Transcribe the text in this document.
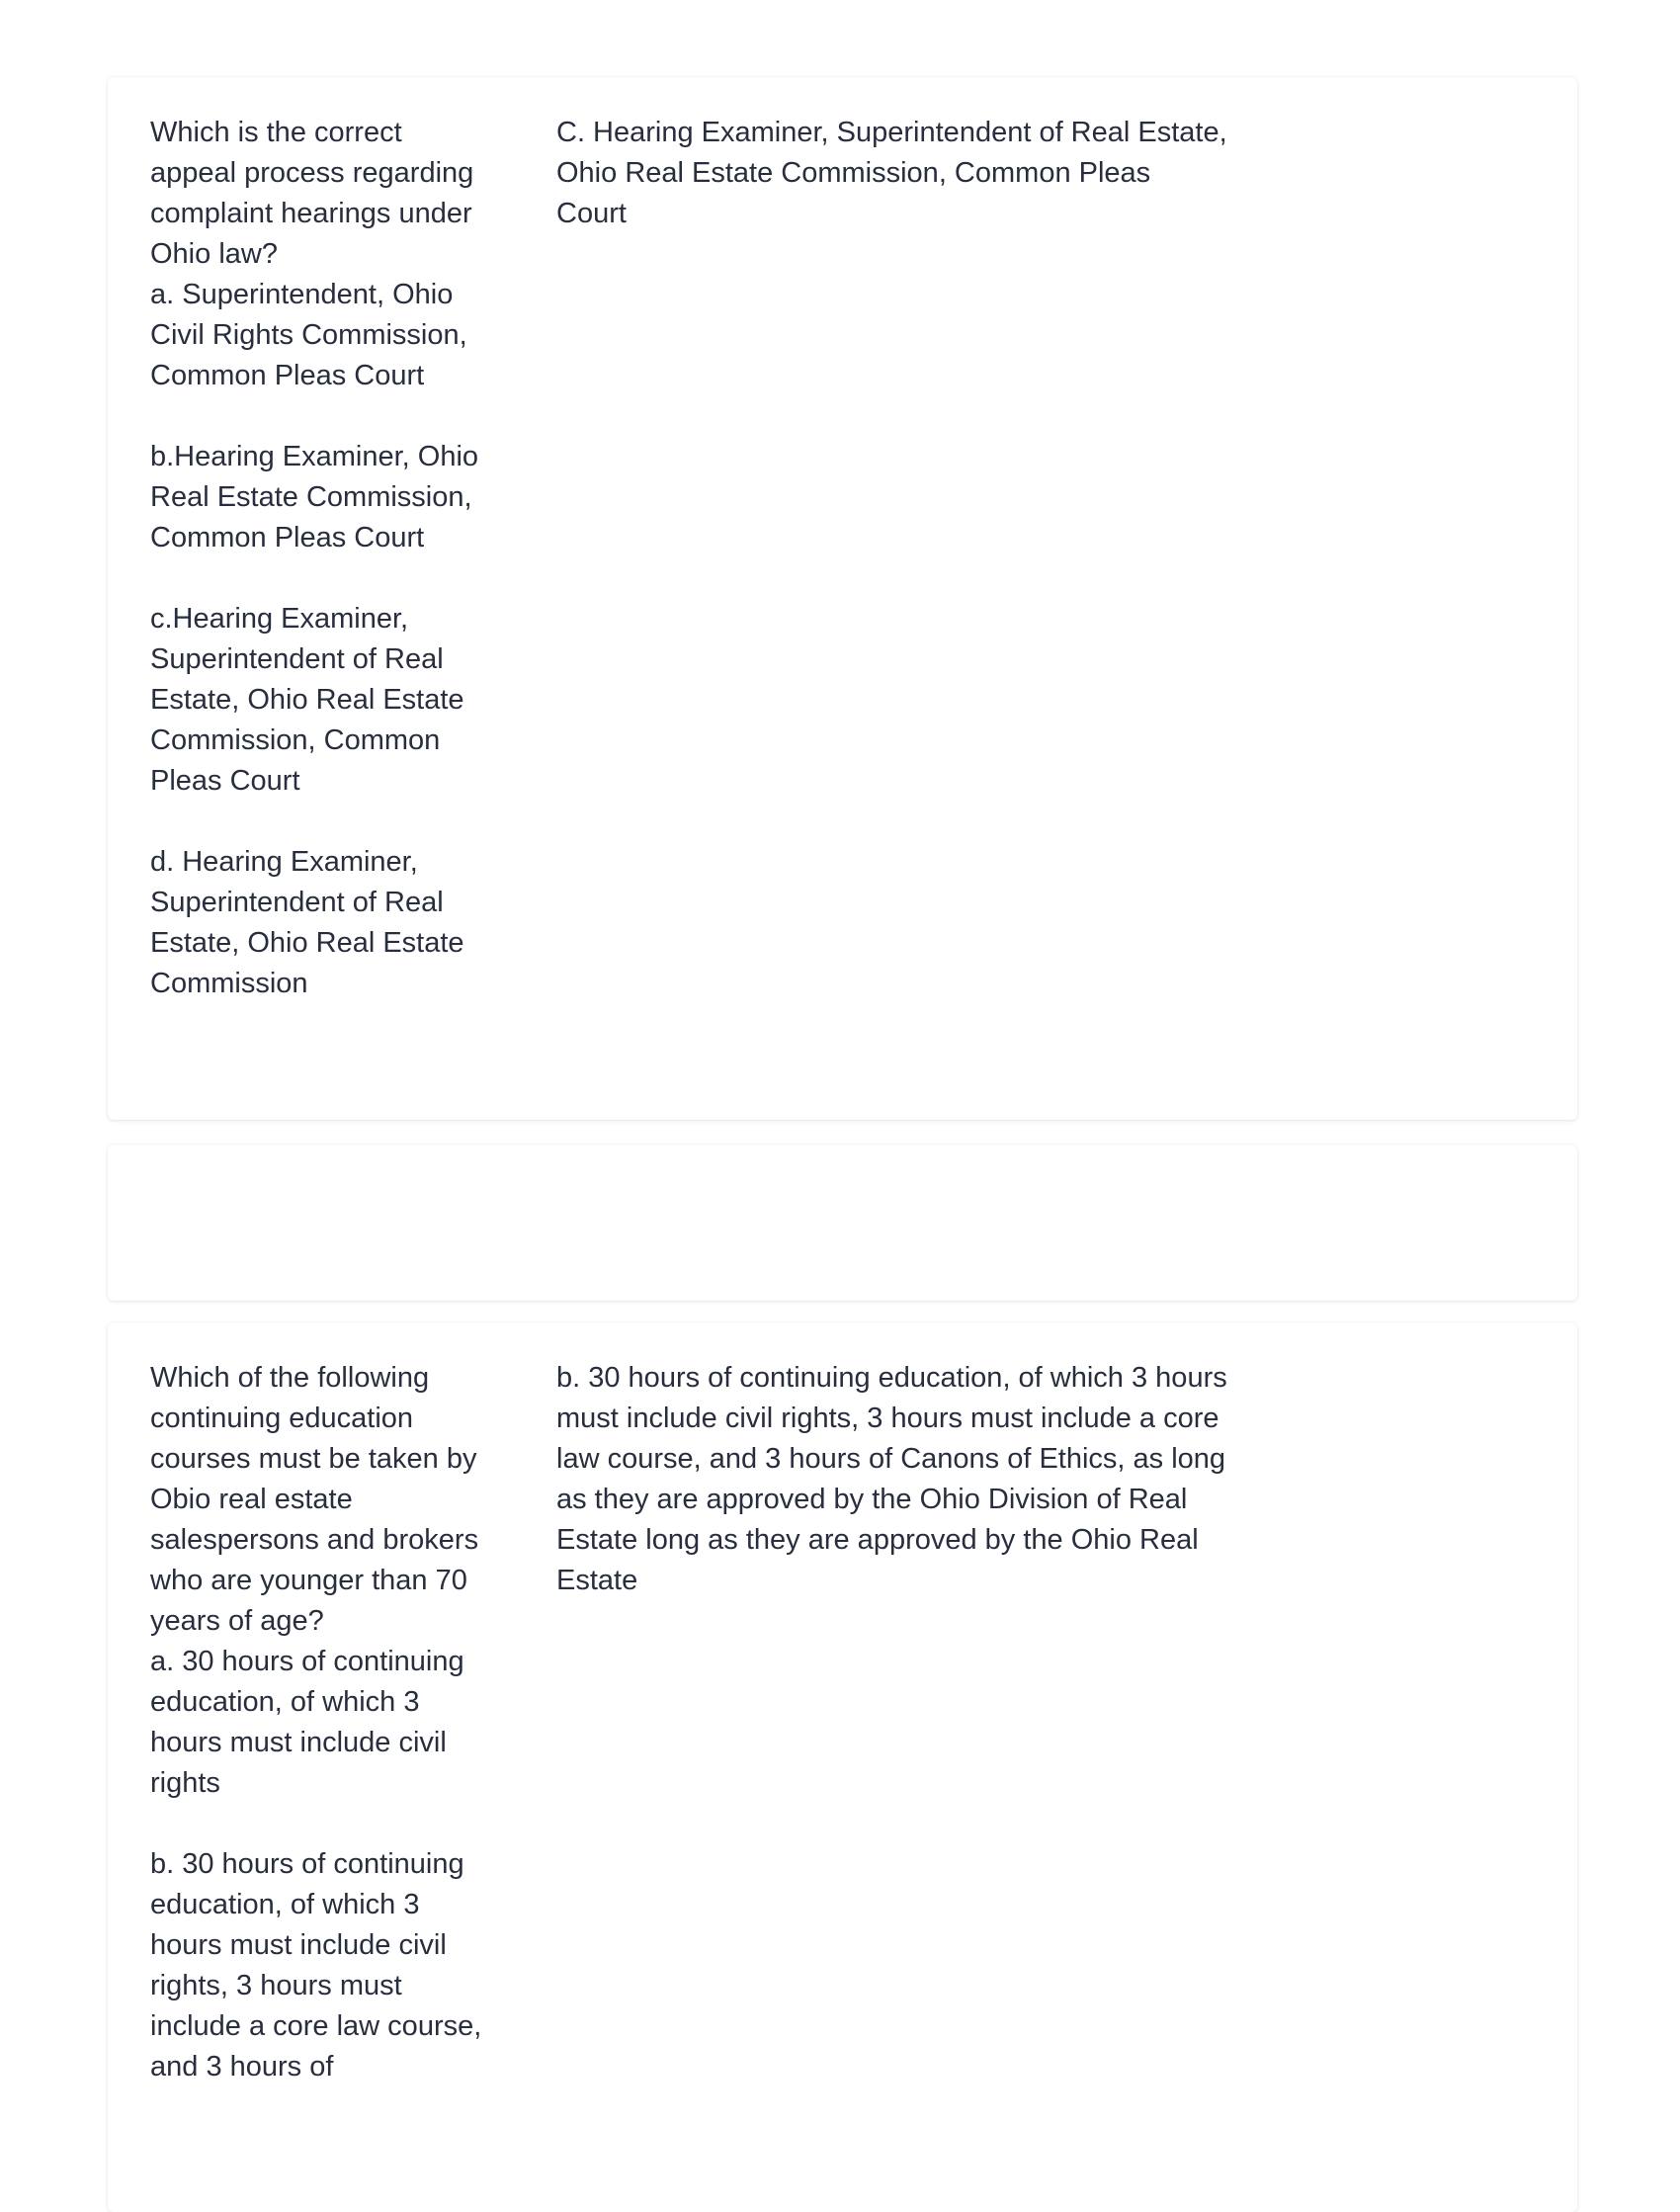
Which is the correct appeal process regarding complaint hearings under Ohio law?
a. Superintendent, Ohio Civil Rights Commission, Common Pleas Court

b.Hearing Examiner, Ohio Real Estate Commission, Common Pleas Court

c.Hearing Examiner, Superintendent of Real Estate, Ohio Real Estate Commission, Common Pleas Court

d. Hearing Examiner, Superintendent of Real Estate, Ohio Real Estate Commission

C. Hearing Examiner, Superintendent of Real Estate, Ohio Real Estate Commission, Common Pleas Court

Which of the following continuing education courses must be taken by Obio real estate salespersons and brokers who are younger than 70 years of age?
a. 30 hours of continuing education, of which 3 hours must include civil rights

b. 30 hours of continuing education, of which 3 hours must include civil rights, 3 hours must include a core law course, and 3 hours of

b. 30 hours of continuing education, of which 3 hours must include civil rights, 3 hours must include a core law course, and 3 hours of Canons of Ethics, as long as they are approved by the Ohio Division of Real Estate long as they are approved by the Ohio Real Estate
